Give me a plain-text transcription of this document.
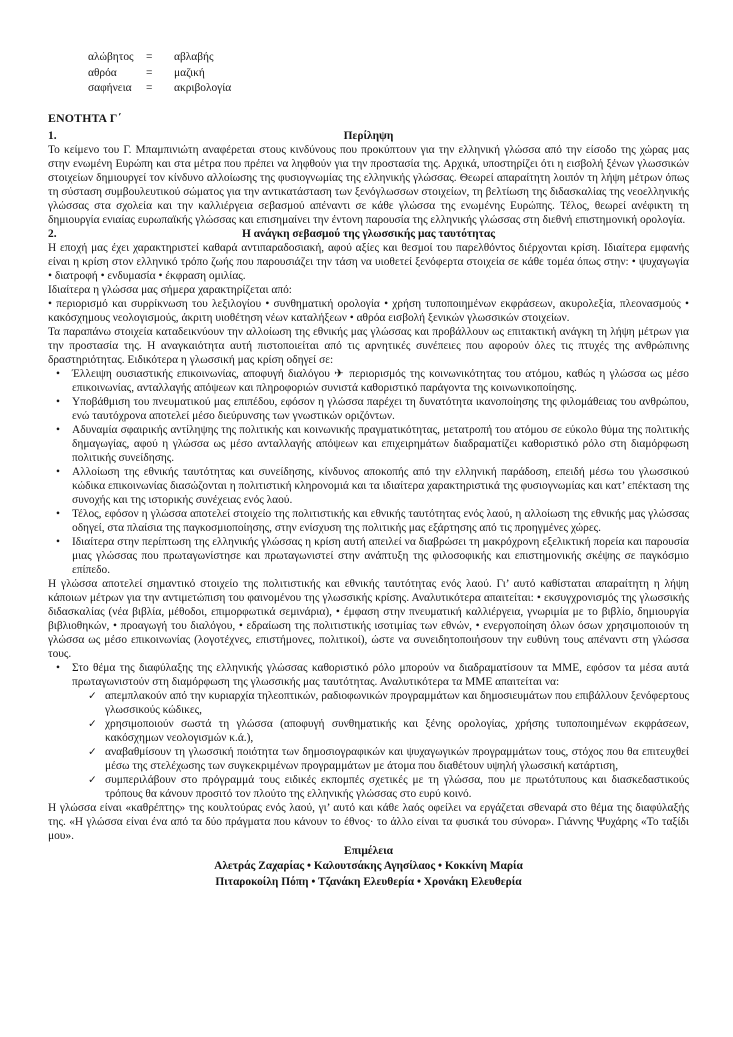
αλώβητος	=	αβλαβής
αθρόα	=	μαζική
σαφήνεια	=	ακριβολογία
ΕΝΟΤΗΤΑ Γ΄
1.	Περίληψη

Το κείμενο του Γ. Μπαμπινιώτη αναφέρεται στους κινδύνους που προκύπτουν για την ελληνική γλώσσα από την είσοδο της χώρας μας στην ενωμένη Ευρώπη και στα μέτρα που πρέπει να ληφθούν για την προστασία της. Αρχικά, υποστηρίζει ότι η εισβολή ξένων γλωσσικών στοιχείων δημιουργεί τον κίνδυνο αλλοίωσης της φυσιογνωμίας της ελληνικής γλώσσας. Θεωρεί απαραίτητη λοιπόν τη λήψη μέτρων όπως τη σύσταση συμβουλευτικού σώματος για την αντικατάσταση των ξενόγλωσσων στοιχείων, τη βελτίωση της διδασκαλίας της νεοελληνικής γλώσσας στα σχολεία και την καλλιέργεια σεβασμού απέναντι σε κάθε γλώσσα της ενωμένης Ευρώπης. Τέλος, θεωρεί ανέφικτη τη δημιουργία ενιαίας ευρωπαϊκής γλώσσας και επισημαίνει την έντονη παρουσία της ελληνικής γλώσσας στη διεθνή επιστημονική ορολογία.

2.	Η ανάγκη σεβασμού της γλωσσικής μας ταυτότητας

Η εποχή μας έχει χαρακτηριστεί καθαρά αντιπαραδοσιακή, αφού αξίες και θεσμοί του παρελθόντος διέρχονται κρίση. Ιδιαίτερα εμφανής είναι η κρίση στον ελληνικό τρόπο ζωής που παρουσιάζει την τάση να υιοθετεί ξενόφερτα στοιχεία σε κάθε τομέα όπως στην: • ψυχαγωγία • διατροφή • ενδυμασία • έκφραση ομιλίας.

Ιδιαίτερα η γλώσσα μας σήμερα χαρακτηρίζεται από:

• περιορισμό και συρρίκνωση του λεξιλογίου • συνθηματική ορολογία • χρήση τυποποιημένων εκφράσεων, ακυρολεξία, πλεονασμούς • κακόσχημους νεολογισμούς, άκριτη υιοθέτηση νέων καταλήξεων • αθρόα εισβολή ξενικών γλωσσικών στοιχείων.

Τα παραπάνω στοιχεία καταδεικνύουν την αλλοίωση της εθνικής μας γλώσσας και προβάλλουν ως επιτακτική ανάγκη τη λήψη μέτρων για την προστασία της. Η αναγκαιότητα αυτή πιστοποιείται από τις αρνητικές συνέπειες που αφορούν όλες τις πτυχές της ανθρώπινης δραστηριότητας. Ειδικότερα η γλωσσική μας κρίση οδηγεί σε:

• Έλλειψη ουσιαστικής επικοινωνίας, αποφυγή διαλόγου ✈ περιορισμός της κοινωνικότητας του ατόμου, καθώς η γλώσσα ως μέσο επικοινωνίας, ανταλλαγής απόψεων και πληροφοριών συνιστά καθοριστικό παράγοντα της κοινωνικοποίησης.
• Υποβάθμιση του πνευματικού μας επιπέδου, εφόσον η γλώσσα παρέχει τη δυνατότητα ικανοποίησης της φιλομάθειας του ανθρώπου, ενώ ταυτόχρονα αποτελεί μέσο διεύρυνσης των γνωστικών οριζόντων.
• Αδυναμία σφαιρικής αντίληψης της πολιτικής και κοινωνικής πραγματικότητας, μετατροπή του ατόμου σε εύκολο θύμα της πολιτικής δημαγωγίας, αφού η γλώσσα ως μέσο ανταλλαγής απόψεων και επιχειρημάτων διαδραματίζει καθοριστικό ρόλο στη διαμόρφωση πολιτικής συνείδησης.
• Αλλοίωση της εθνικής ταυτότητας και συνείδησης, κίνδυνος αποκοπής από την ελληνική παράδοση, επειδή μέσω του γλωσσικού κώδικα επικοινωνίας διασώζονται η πολιτιστική κληρονομιά και τα ιδιαίτερα χαρακτηριστικά της φυσιογνωμίας και κατ’ επέκταση της συνοχής και της ιστορικής συνέχειας ενός λαού.
• Τέλος, εφόσον η γλώσσα αποτελεί στοιχείο της πολιτιστικής και εθνικής ταυτότητας ενός λαού, η αλλοίωση της εθνικής μας γλώσσας οδηγεί, στα πλαίσια της παγκοσμιοποίησης, στην ενίσχυση της πολιτικής μας εξάρτησης από τις προηγμένες χώρες.
• Ιδιαίτερα στην περίπτωση της ελληνικής γλώσσας η κρίση αυτή απειλεί να διαβρώσει τη μακρόχρονη εξελικτική πορεία και παρουσία μιας γλώσσας που πρωταγωνίστησε και πρωταγωνιστεί στην ανάπτυξη της φιλοσοφικής και επιστημονικής σκέψης σε παγκόσμιο επίπεδο.

Η γλώσσα αποτελεί σημαντικό στοιχείο της πολιτιστικής και εθνικής ταυτότητας ενός λαού. Γι’ αυτό καθίσταται απαραίτητη η λήψη κάποιων μέτρων για την αντιμετώπιση του φαινομένου της γλωσσικής κρίσης. Αναλυτικότερα απαιτείται: • εκσυγχρονισμός της γλωσσικής διδασκαλίας (νέα βιβλία, μέθοδοι, επιμορφωτικά σεμινάρια), • έμφαση στην πνευματική καλλιέργεια, γνωριμία με το βιβλίο, δημιουργία βιβλιοθηκών, • προαγωγή του διαλόγου, • εδραίωση της πολιτιστικής ισοτιμίας των εθνών, • ενεργοποίηση όλων όσων χρησιμοποιούν τη γλώσσα ως μέσο επικοινωνίας (λογοτέχνες, επιστήμονες, πολιτικοί), ώστε να συνειδητοποιήσουν την ευθύνη τους απέναντι στη γλώσσα τους.

• Στο θέμα της διαφύλαξης της ελληνικής γλώσσας καθοριστικό ρόλο μπορούν να διαδραματίσουν τα ΜΜΕ, εφόσον τα μέσα αυτά πρωταγωνιστούν στη διαμόρφωση της γλωσσικής μας ταυτότητας. Αναλυτικότερα τα ΜΜΕ απαιτείται να:
✓ απεμπλακούν από την κυριαρχία τηλεοπτικών, ραδιοφωνικών προγραμμάτων και δημοσιευμάτων που επιβάλλουν ξενόφερτους γλωσσικούς κώδικες,
✓ χρησιμοποιούν σωστά τη γλώσσα (αποφυγή συνθηματικής και ξένης ορολογίας, χρήσης τυποποιημένων εκφράσεων, κακόσχημων νεολογισμών κ.ά.),
✓ αναβαθμίσουν τη γλωσσική ποιότητα των δημοσιογραφικών και ψυχαγωγικών προγραμμάτων τους, στόχος που θα επιτευχθεί μέσω της στελέχωσης των συγκεκριμένων προγραμμάτων με άτομα που διαθέτουν υψηλή γλωσσική κατάρτιση,
✓ συμπεριλάβουν στο πρόγραμμά τους ειδικές εκπομπές σχετικές με τη γλώσσα, που με πρωτότυπους και διασκεδαστικούς τρόπους θα κάνουν προσιτό τον πλούτο της ελληνικής γλώσσας στο ευρύ κοινό.

Η γλώσσα είναι «καθρέπτης» της κουλτούρας ενός λαού, γι’ αυτό και κάθε λαός οφείλει να εργάζεται σθεναρά στο θέμα της διαφύλαξής της. «Η γλώσσα είναι ένα από τα δύο πράγματα που κάνουν το έθνος· το άλλο είναι τα φυσικά του σύνορα». Γιάννης Ψυχάρης «Το ταξίδι μου».

Επιμέλεια
Αλετράς Ζαχαρίας • Καλουτσάκης Αγησίλαος • Κοκκίνη Μαρία
Πιταροκοίλη Πόπη • Τζανάκη Ελευθερία • Χρονάκη Ελευθερία
